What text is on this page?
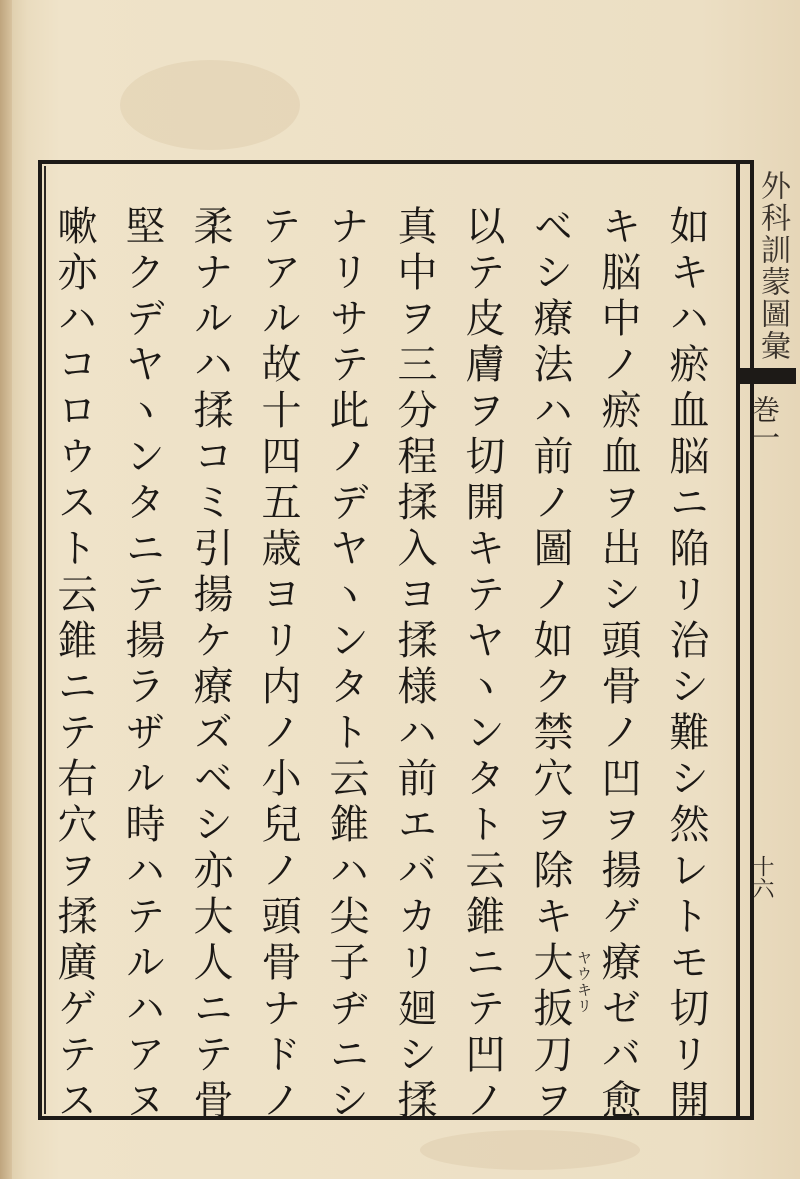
外科訓蒙圖彙
巻一
十六
如キハ瘀血脳ニ陥リ治シ難シ然レトモ切リ開
キ脳中ノ瘀血ヲ出シ頭骨ノ凹ヲ揚ゲ療ゼバ愈
ベシ療法ハ前ノ圖ノ如ク禁穴ヲ除キ大扳刀ヲ
以テ皮膚ヲ切開キテヤヽンタト云錐ニテ凹ノ
真中ヲ三分程揉入ヨ揉様ハ前エバカリ廻シ揉
ナリサテ此ノデヤヽンタト云錐ハ尖子ヂニシ
テアル故十四五歳ヨリ内ノ小兒ノ頭骨ナドノ
柔ナルハ揉コミ引揚ケ療ズベシ亦大人ニテ骨
堅クデヤヽンタニテ揚ラザル時ハテルハアヌ
嗽亦ハコロウスト云錐ニテ右穴ヲ揉廣ゲテス	ヤウキリ
